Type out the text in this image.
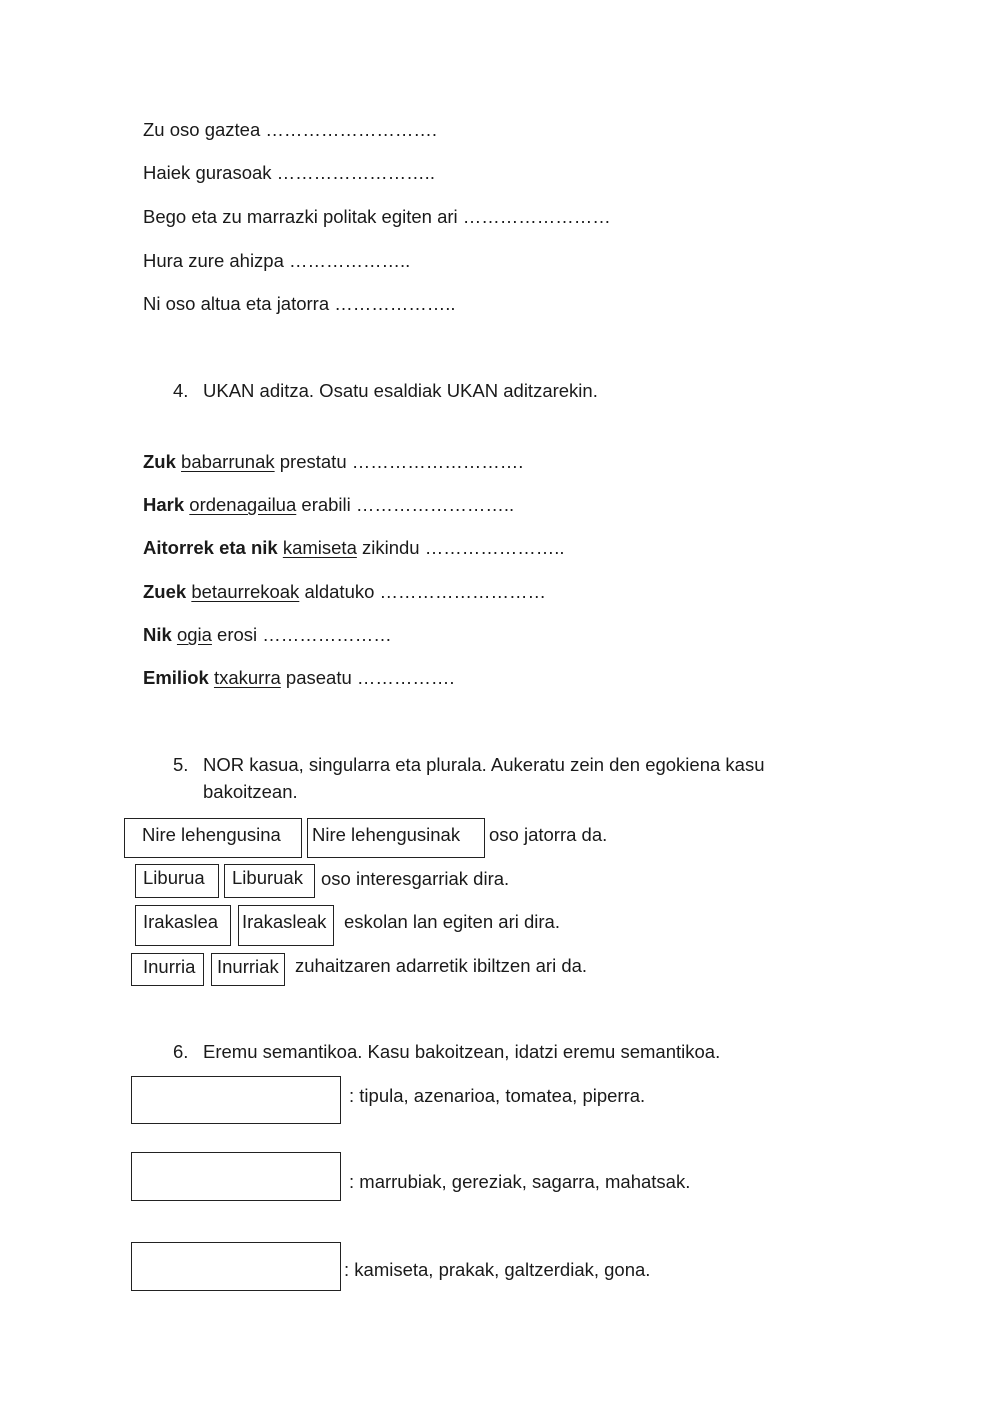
Zu oso gaztea ……………………….
Haiek gurasoak ……………………..
Bego eta zu marrazki politak egiten ari ……………………
Hura zure ahizpa ………………..
Ni oso altua eta jatorra ………………..
4. UKAN aditza. Osatu esaldiak UKAN aditzarekin.
Zuk babarrunak prestatu ……………………….
Hark ordenagailua erabili ……………………..
Aitorrek eta nik kamiseta zikindu …………………..
Zuek betaurrekoak aldatuko ………………………
Nik ogia erosi …………………
Emiliok txakurra paseatu …………….
5. NOR kasua, singularra eta plurala. Aukeratu zein den egokiena kasu
bakoitzean.
Nire lehengusina	Nire lehengusinak	oso jatorra da.
Liburua	Liburuak oso interesgarriak dira.
Irakaslea	Irakasleak eskolan lan egiten ari dira.
Inurria	Inurriak zuhaitzaren adarretik ibiltzen ari da.
6. Eremu semantikoa. Kasu bakoitzean, idatzi eremu semantikoa.
: tipula, azenarioa, tomatea, piperra.
: marrubiak, gereziak, sagarra, mahatsak.
: kamiseta, prakak, galtzerdiak, gona.
